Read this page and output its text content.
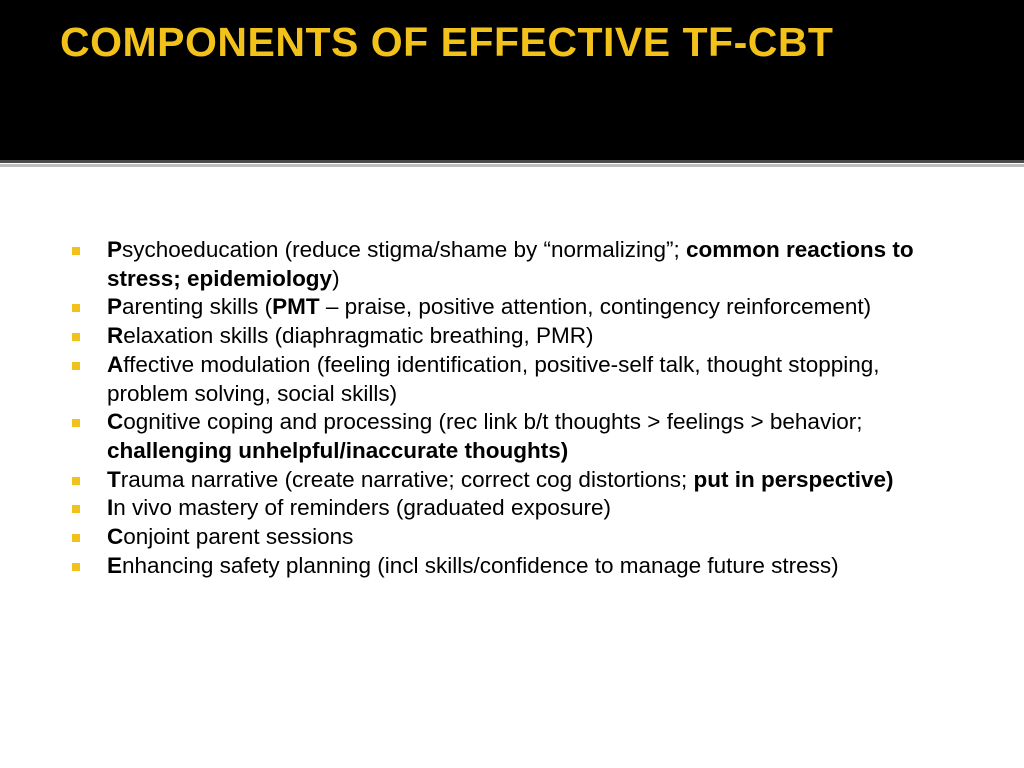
COMPONENTS OF EFFECTIVE TF-CBT
Psychoeducation (reduce stigma/shame by “normalizing”; common reactions to stress; epidemiology)
Parenting skills (PMT – praise, positive attention, contingency reinforcement)
Relaxation skills (diaphragmatic breathing, PMR)
Affective modulation (feeling identification, positive-self talk, thought stopping, problem solving, social skills)
Cognitive coping and processing (rec link b/t thoughts > feelings > behavior; challenging unhelpful/inaccurate thoughts)
Trauma narrative (create narrative; correct cog distortions; put in perspective)
In vivo mastery of reminders (graduated exposure)
Conjoint parent sessions
Enhancing safety planning (incl skills/confidence to manage future stress)
